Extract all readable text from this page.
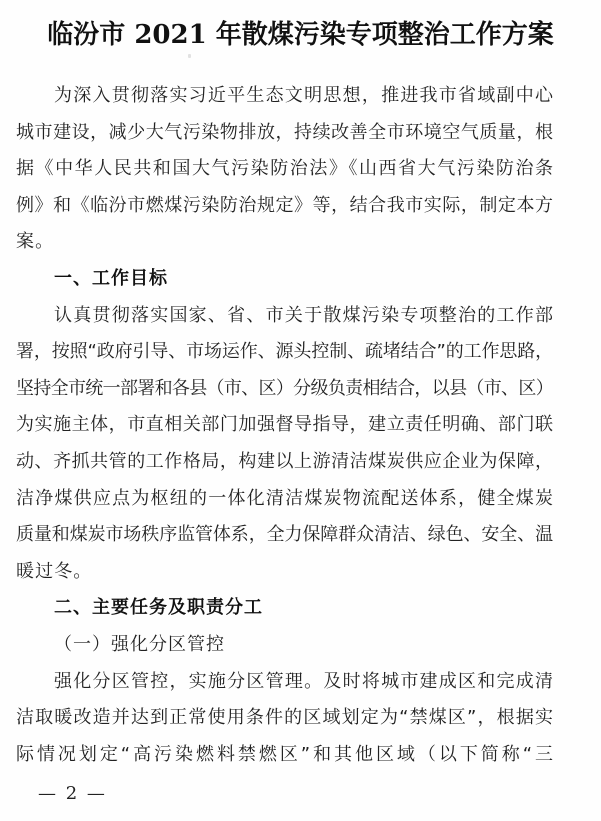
临汾市 2021 年散煤污染专项整治工作方案
为深入贯彻落实习近平生态文明思想，推进我市省域副中心
城市建设，减少大气污染物排放，持续改善全市环境空气质量，根
据《中华人民共和国大气污染防治法》《山西省大气污染防治条
例》和《临汾市燃煤污染防治规定》等，结合我市实际，制定本方
案。
一、工作目标
认真贯彻落实国家、省、市关于散煤污染专项整治的工作部
署，按照“政府引导、市场运作、源头控制、疏堵结合”的工作思路，
坚持全市统一部署和各县（市、区）分级负责相结合，以县（市、区）
为实施主体，市直相关部门加强督导指导，建立责任明确、部门联
动、齐抓共管的工作格局，构建以上游清洁煤炭供应企业为保障，
洁净煤供应点为枢纽的一体化清洁煤炭物流配送体系，健全煤炭
质量和煤炭市场秩序监管体系，全力保障群众清洁、绿色、安全、温
暖过冬。
二、主要任务及职责分工
（一）强化分区管控
强化分区管控，实施分区管理。及时将城市建成区和完成清
洁取暖改造并达到正常使用条件的区域划定为“禁煤区”，根据实
际情况划定“高污染燃料禁燃区”和其他区域（以下简称“三
— 2 —
